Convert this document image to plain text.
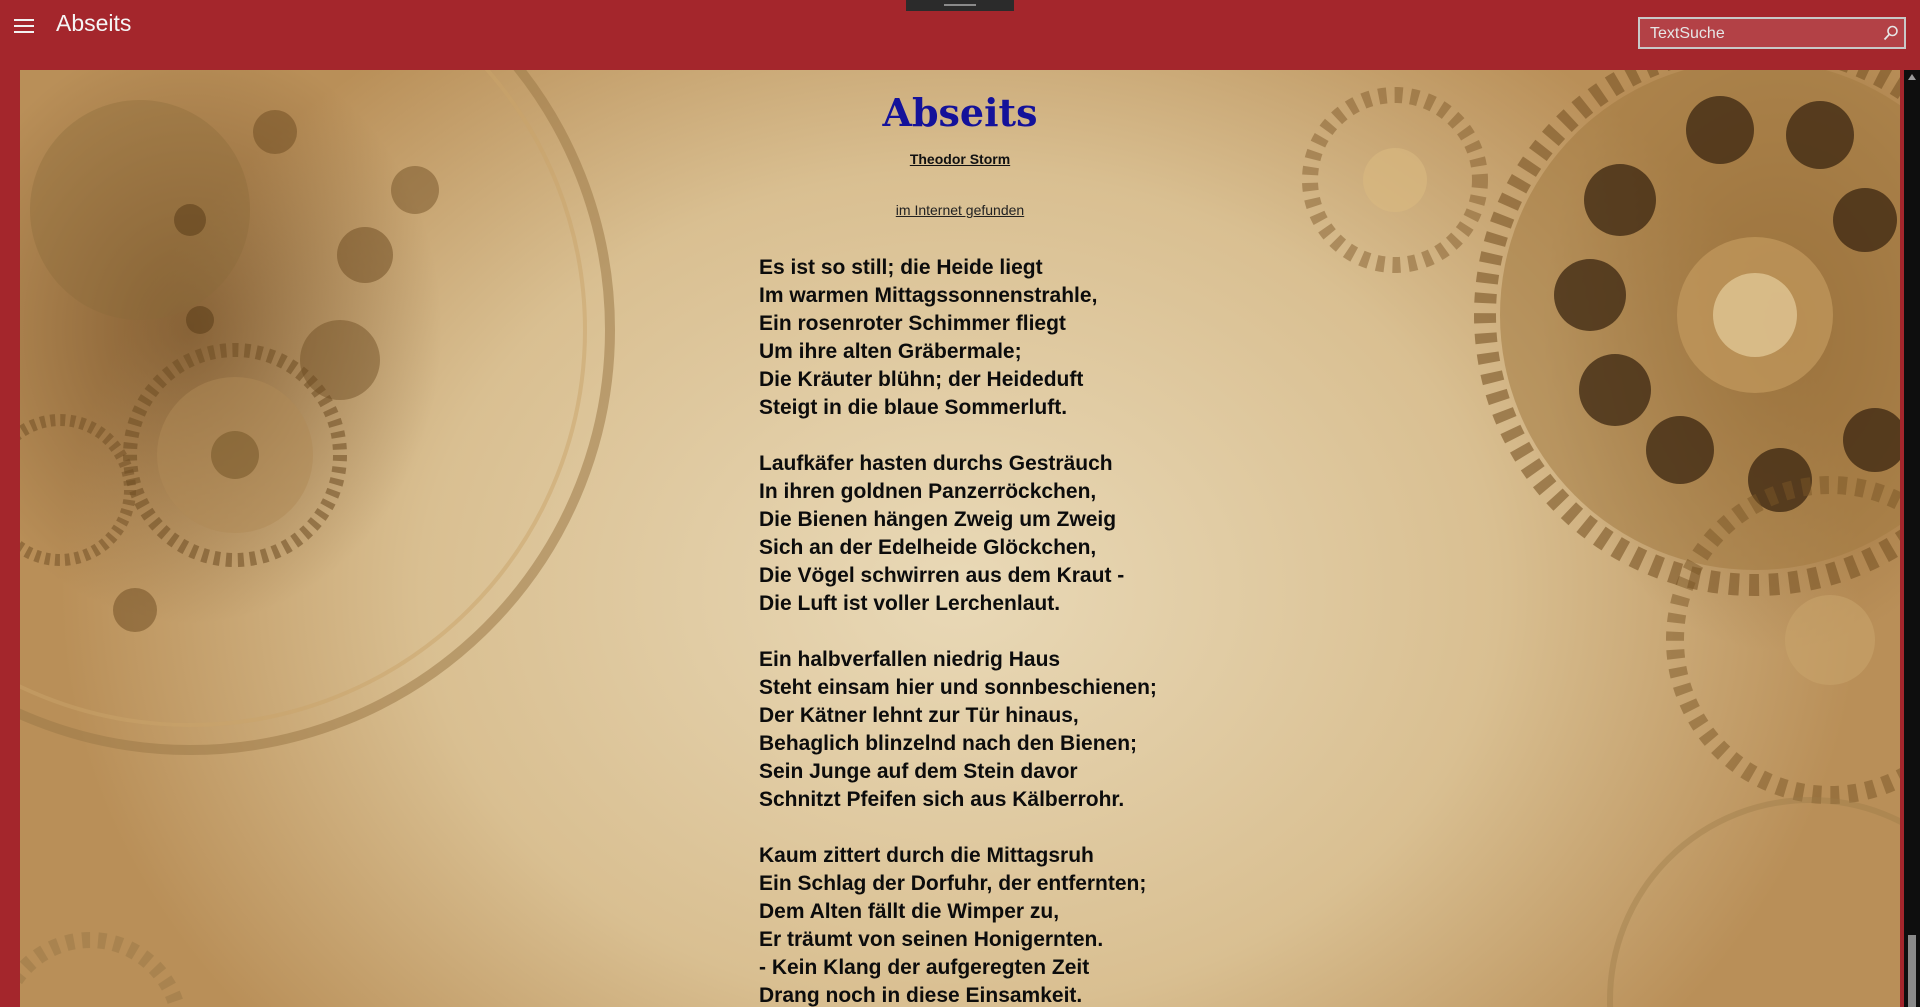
Abseits
TextSuche
Abseits
Theodor Storm
im Internet gefunden
Es ist so still; die Heide liegt
Im warmen Mittagssonnenstrahle,
Ein rosenroter Schimmer fliegt
Um ihre alten Gräbermale;
Die Kräuter blühn; der Heideduft
Steigt in die blaue Sommerluft.
Laufkäfer hasten durchs Gesträuch
In ihren goldnen Panzerröckchen,
Die Bienen hängen Zweig um Zweig
Sich an der Edelheide Glöckchen,
Die Vögel schwirren aus dem Kraut -
Die Luft ist voller Lerchenlaut.
Ein halbverfallen niedrig Haus
Steht einsam hier und sonnbeschienen;
Der Kätner lehnt zur Tür hinaus,
Behaglich blinzelnd nach den Bienen;
Sein Junge auf dem Stein davor
Schnitzt Pfeifen sich aus Kälberrohr.
Kaum zittert durch die Mittagsruh
Ein Schlag der Dorfuhr, der entfernten;
Dem Alten fällt die Wimper zu,
Er träumt von seinen Honigernten.
- Kein Klang der aufgeregten Zeit
Drang noch in diese Einsamkeit.
